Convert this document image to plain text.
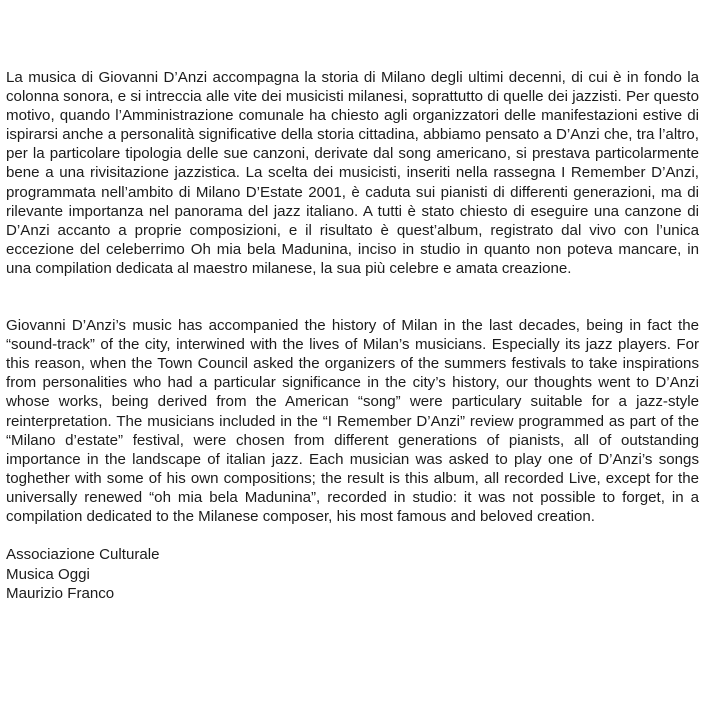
La musica di Giovanni D’Anzi accompagna la storia di Milano degli ultimi decenni, di cui è in fondo la colonna sonora, e si intreccia alle vite dei musicisti milanesi, soprattutto di quelle dei jazzisti. Per questo motivo, quando l’Amministrazione comunale ha chiesto agli organizzatori delle manifestazioni estive di ispirarsi anche a personalità significative della storia cittadina, abbiamo pensato a D’Anzi che, tra l’altro, per la particolare tipologia delle sue canzoni, derivate dal song americano, si prestava particolarmente bene a una rivisitazione jazzistica. La scelta dei musicisti, inseriti nella rassegna I Remember D’Anzi, programmata nell’ambito di Milano D’Estate 2001, è caduta sui pianisti di differenti generazioni, ma di rilevante importanza nel panorama del jazz italiano. A tutti è stato chiesto di eseguire una canzone di D’Anzi accanto a proprie composizioni, e il risultato è quest’album, registrato dal vivo con l’unica eccezione del celeberrimo Oh mia bela Madunina, inciso in studio in quanto non poteva mancare, in una compilation dedicata al maestro milanese, la sua più celebre e amata creazione.

Giovanni D’Anzi’s music has accompanied the history of Milan in the last decades, being in fact the “sound-track” of the city, interwined with the lives of Milan’s musicians. Especially its jazz players. For this reason, when the Town Council asked the organizers of the summers festivals to take inspirations from personalities who had a particular significance in the city’s history, our thoughts went to D’Anzi whose works, being derived from the American “song” were particulary suitable for a jazz-style reinterpretation. The musicians included in the “I Remember D’Anzi” review programmed as part of the “Milano d’estate” festival, were chosen from different generations of pianists, all of outstanding importance in the landscape of italian jazz. Each musician was asked to play one of D’Anzi’s songs toghether with some of his own compositions; the result is this album, all recorded Live, except for the universally renewed “oh mia bela Madunina”, recorded in studio: it was not possible to forget, in a compilation dedicated to the Milanese composer, his most famous and beloved creation.

Associazione Culturale
Musica Oggi
Maurizio Franco
